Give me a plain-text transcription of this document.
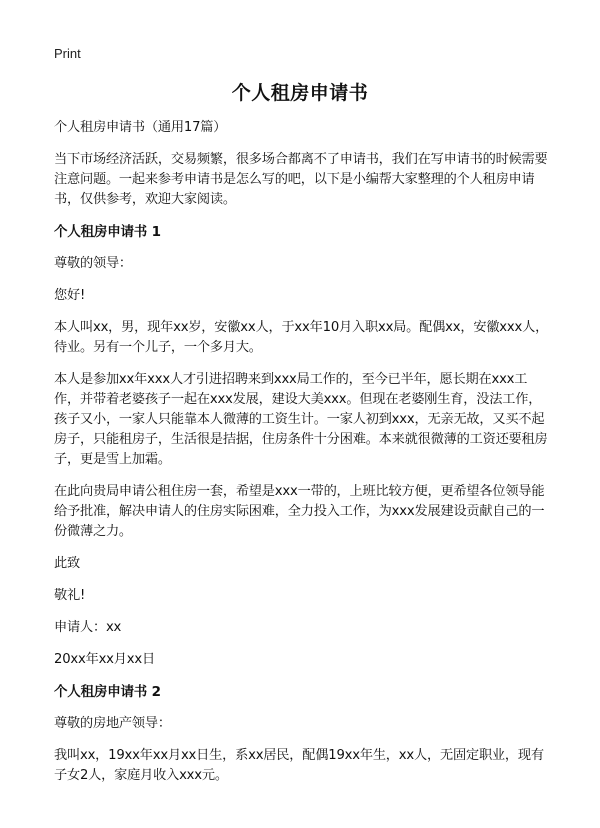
Print
个人租房申请书

个人租房申请书（通用17篇）

当下市场经济活跃，交易频繁，很多场合都离不了申请书，我们在写申请书的时候需要注意问题。一起来参考申请书是怎么写的吧，以下是小编帮大家整理的个人租房申请书，仅供参考，欢迎大家阅读。

个人租房申请书 1

尊敬的领导：

您好!

本人叫xx，男，现年xx岁，安徽xx人，于xx年10月入职xx局。配偶xx，安徽xxx人，待业。另有一个儿子，一个多月大。

本人是参加xx年xxx人才引进招聘来到xxx局工作的，至今已半年，愿长期在xxx工作，并带着老婆孩子一起在xxx发展，建设大美xxx。但现在老婆刚生育，没法工作，孩子又小，一家人只能靠本人微薄的工资生计。一家人初到xxx，无亲无故，又买不起房子，只能租房子，生活很是拮据，住房条件十分困难。本来就很微薄的工资还要租房子，更是雪上加霜。

在此向贵局申请公租住房一套，希望是xxx一带的，上班比较方便，更希望各位领导能给予批准，解决申请人的住房实际困难，全力投入工作，为xxx发展建设贡献自己的一份微薄之力。

此致

敬礼!

申请人：xx

20xx年xx月xx日

个人租房申请书 2

尊敬的房地产领导：

我叫xx，19xx年xx月xx日生，系xx居民，配偶19xx年生，xx人，无固定职业，现有子女2人，家庭月收入xxx元。
